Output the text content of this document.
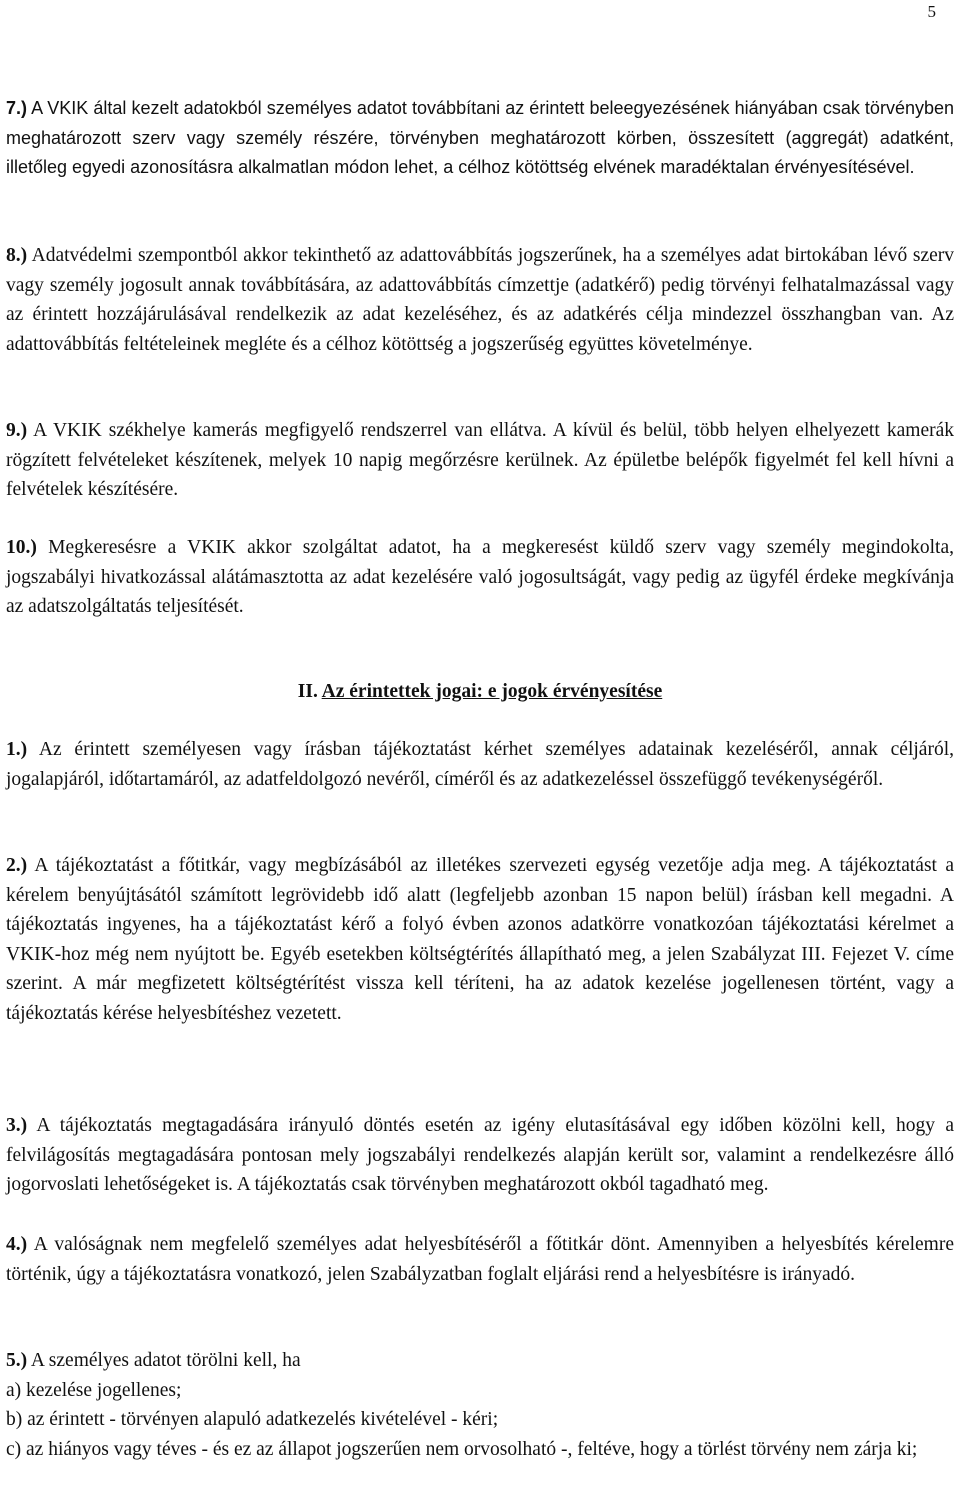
5

7.) A VKIK által kezelt adatokból személyes adatot továbbítani az érintett beleegyezésének hiányában csak törvényben meghatározott szerv vagy személy részére, törvényben meghatározott körben, összesített (aggregát) adatként, illetőleg egyedi azonosításra alkalmatlan módon lehet, a célhoz kötöttség elvének maradéktalan érvényesítésével.

8.) Adatvédelmi szempontból akkor tekinthető az adattovábbítás jogszerűnek, ha a személyes adat birtokában lévő szerv vagy személy jogosult annak továbbítására, az adattovábbítás címzettje (adatkérő) pedig törvényi felhatalmazással vagy az érintett hozzájárulásával rendelkezik az adat kezeléséhez, és az adatkérés célja mindezzel összhangban van. Az adattovábbítás feltételeinek megléte és a célhoz kötöttség a jogszerűség együttes követelménye.

9.) A VKIK székhelye kamerás megfigyelő rendszerrel van ellátva. A kívül és belül, több helyen elhelyezett kamerák rögzített felvételeket készítenek, melyek 10 napig megőrzésre kerülnek. Az épületbe belépők figyelmét fel kell hívni a felvételek készítésére.

10.) Megkeresésre a VKIK akkor szolgáltat adatot, ha a megkeresést küldő szerv vagy személy megindokolta, jogszabályi hivatkozással alátámasztotta az adat kezelésére való jogosultságát, vagy pedig az ügyfél érdeke megkívánja az adatszolgáltatás teljesítését.

II. Az érintettek jogai: e jogok érvényesítése

1.) Az érintett személyesen vagy írásban tájékoztatást kérhet személyes adatainak kezeléséről, annak céljáról, jogalapjáról, időtartamáról, az adatfeldolgozó nevéről, címéről és az adatkezeléssel összefüggő tevékenységéről.

2.) A tájékoztatást a főtitkár, vagy megbízásából az illetékes szervezeti egység vezetője adja meg. A tájékoztatást a kérelem benyújtásától számított legrövidebb idő alatt (legfeljebb azonban 15 napon belül) írásban kell megadni. A tájékoztatás ingyenes, ha a tájékoztatást kérő a folyó évben azonos adatkörre vonatkozóan tájékoztatási kérelmet a VKIK-hoz még nem nyújtott be. Egyéb esetekben költségtérítés állapítható meg, a jelen Szabályzat III. Fejezet V. címe szerint. A már megfizetett költségtérítést vissza kell téríteni, ha az adatok kezelése jogellenesen történt, vagy a tájékoztatás kérése helyesbítéshez vezetett.

3.) A tájékoztatás megtagadására irányuló döntés esetén az igény elutasításával egy időben közölni kell, hogy a felvilágosítás megtagadására pontosan mely jogszabályi rendelkezés alapján került sor, valamint a rendelkezésre álló jogorvoslati lehetőségeket is. A tájékoztatás csak törvényben meghatározott okból tagadható meg.

4.) A valóságnak nem megfelelő személyes adat helyesbítéséről a főtitkár dönt. Amennyiben a helyesbítés kérelemre történik, úgy a tájékoztatásra vonatkozó, jelen Szabályzatban foglalt eljárási rend a helyesbítésre is irányadó.

5.) A személyes adatot törölni kell, ha
a) kezelése jogellenes;
b) az érintett - törvényen alapuló adatkezelés kivételével - kéri;
c) az hiányos vagy téves - és ez az állapot jogszerűen nem orvosolható -, feltéve, hogy a törlést törvény nem zárja ki;
